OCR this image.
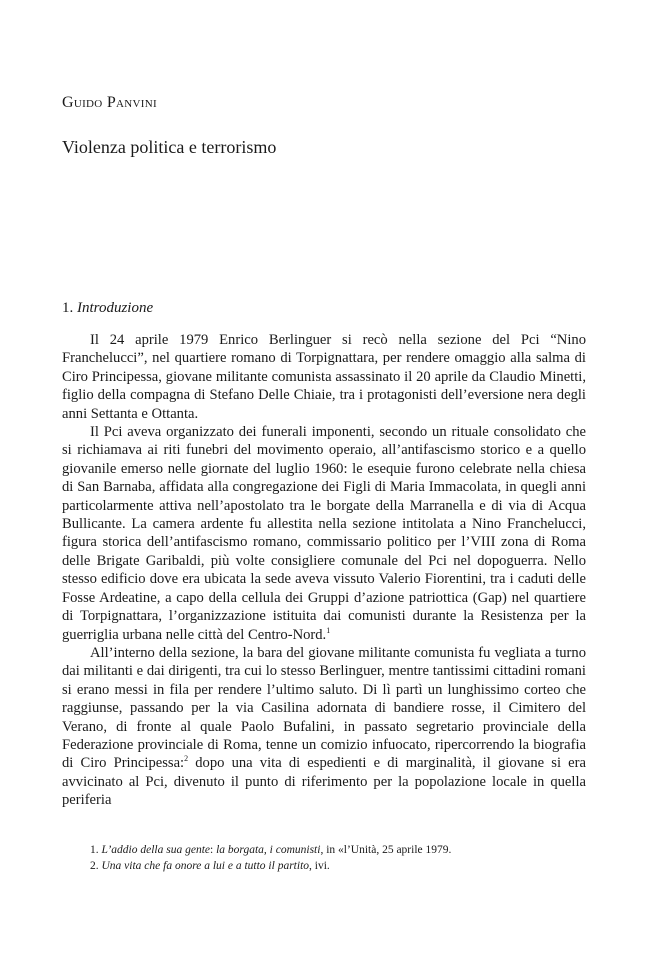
Guido Panvini
Violenza politica e terrorismo
1. Introduzione

Il 24 aprile 1979 Enrico Berlinguer si recò nella sezione del Pci “Nino Franchelucci”, nel quartiere romano di Torpignattara, per rendere omaggio alla salma di Ciro Principessa, giovane militante comunista assassinato il 20 aprile da Claudio Minetti, figlio della compagna di Stefano Delle Chiaie, tra i protagonisti dell’eversione nera degli anni Settanta e Ottanta.

Il Pci aveva organizzato dei funerali imponenti, secondo un rituale consolidato che si richiamava ai riti funebri del movimento operaio, all’antifascismo storico e a quello giovanile emerso nelle giornate del luglio 1960: le esequie furono celebrate nella chiesa di San Barnaba, affidata alla congregazione dei Figli di Maria Immacolata, in quegli anni particolarmente attiva nell’apostolato tra le borgate della Marranella e di via di Acqua Bullicante. La camera ardente fu allestita nella sezione intitolata a Nino Franchelucci, figura storica dell’antifascismo romano, commissario politico per l’VIII zona di Roma delle Brigate Garibaldi, più volte consigliere comunale del Pci nel dopoguerra. Nello stesso edificio dove era ubicata la sede aveva vissuto Valerio Fiorentini, tra i caduti delle Fosse Ardeatine, a capo della cellula dei Gruppi d’azione patriottica (Gap) nel quartiere di Torpignattara, l’organizzazione istituita dai comunisti durante la Resistenza per la guerriglia urbana nelle città del Centro-Nord.$^1$

All’interno della sezione, la bara del giovane militante comunista fu vegliata a turno dai militanti e dai dirigenti, tra cui lo stesso Berlinguer, mentre tantissimi cittadini romani si erano messi in fila per rendere l’ultimo saluto. Di lì partì un lunghissimo corteo che raggiunse, passando per la via Casilina adornata di bandiere rosse, il Cimitero del Verano, di fronte al quale Paolo Bufalini, in passato segretario provinciale della Federazione provinciale di Roma, tenne un comizio infuocato, ripercorrendo la biografia di Ciro Principessa:$^2$ dopo una vita di espedienti e di marginalità, il giovane si era avvicinato al Pci, divenuto il punto di riferimento per la popolazione locale in quella periferia

1. L’addio della sua gente: la borgata, i comunisti, in «l’Unità, 25 aprile 1979.
2. Una vita che fa onore a lui e a tutto il partito, ivi.
